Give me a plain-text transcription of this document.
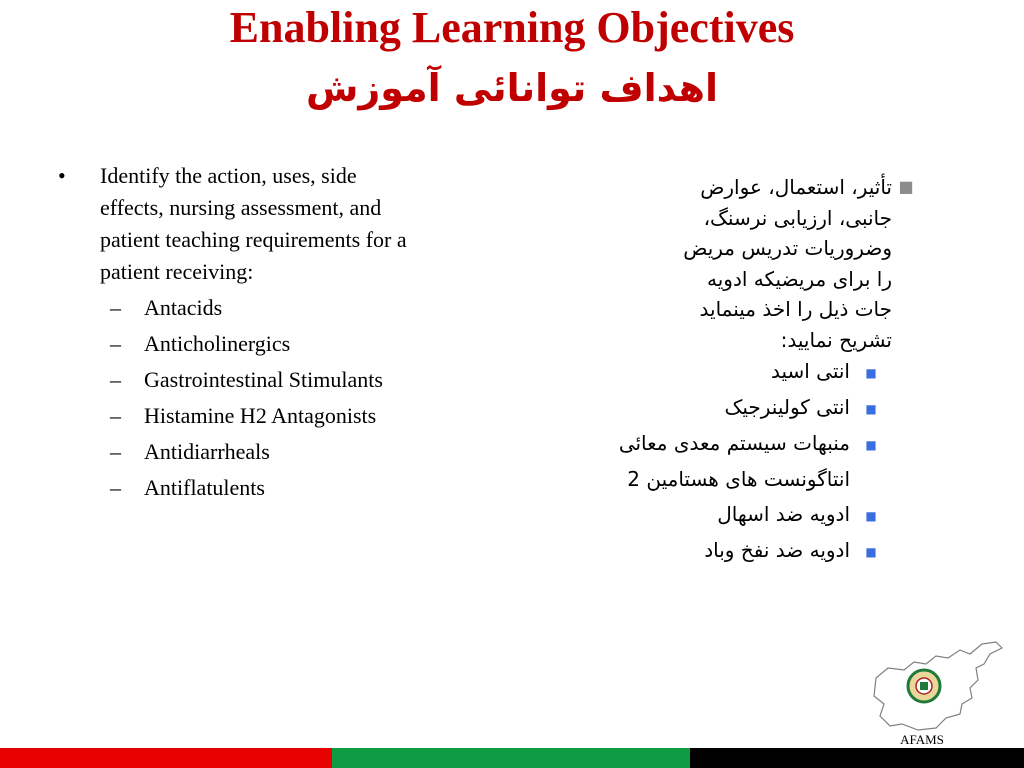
Enabling Learning Objectives
اهداف توانائی آموزش
•	Identify the action, uses, side effects, nursing assessment, and patient teaching requirements for a patient receiving:
–	Antacids
–	Anticholinergics
–	Gastrointestinal Stimulants
–	Histamine H2 Antagonists
–	Antidiarrheals
–	Antiflatulents
■
تأثیر، استعمال، عوارض
جانبی، ارزیابی نرسنگ،
وضروریات تدریس مریض
را برای مریضیکه ادویه
جات ذیل را اخذ مینماید
تشریح نمایید:
■
انتی اسید
■
انتی کولینرجیک
■
منبهات سیستم معدی معائی
انتاگونست های هستامین 2
■
ادویه ضد اسهال
■
ادویه ضد نفخ وباد
AFAMS
